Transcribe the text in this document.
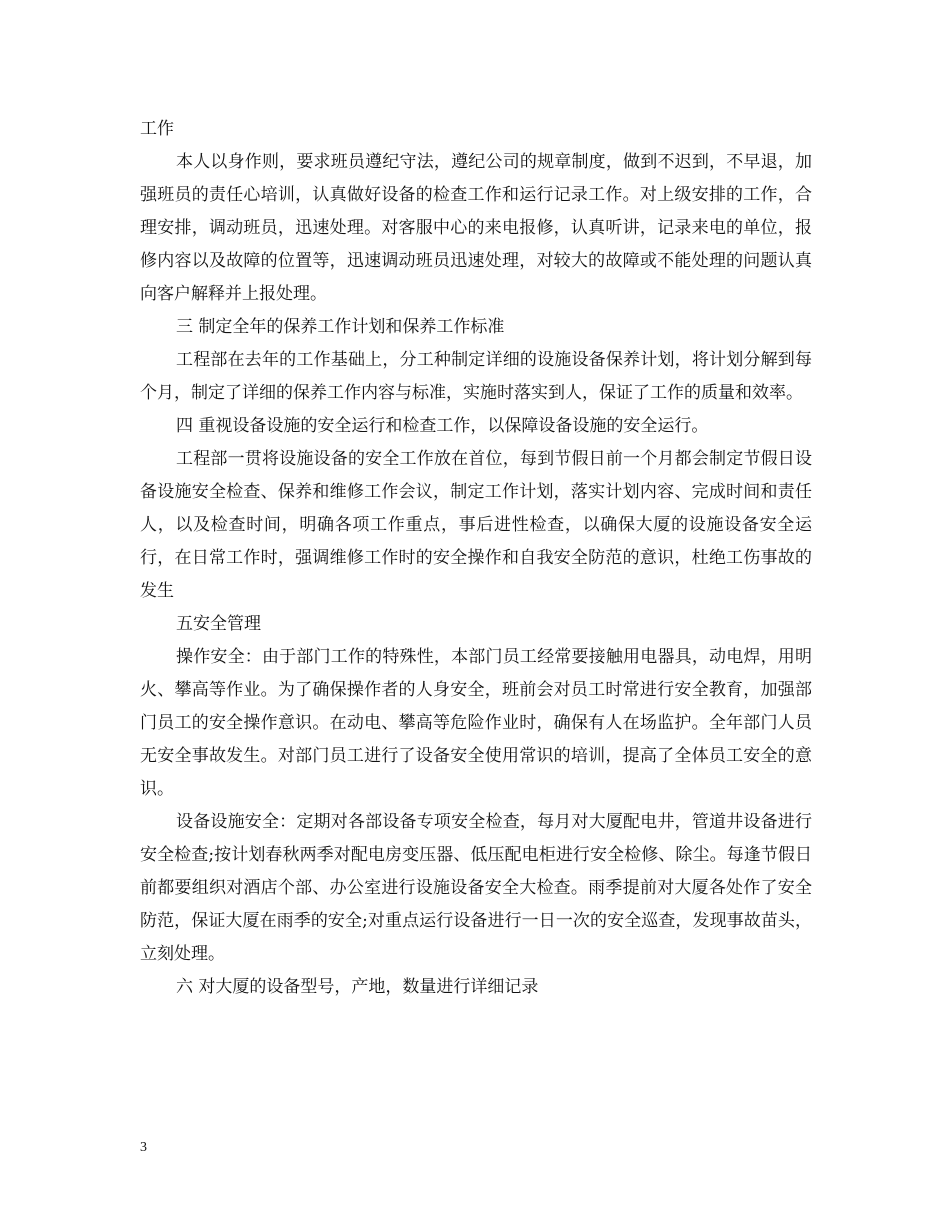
工作

本人以身作则，要求班员遵纪守法，遵纪公司的规章制度，做到不迟到，不早退，加强班员的责任心培训，认真做好设备的检查工作和运行记录工作。对上级安排的工作，合理安排，调动班员，迅速处理。对客服中心的来电报修，认真听讲，记录来电的单位，报修内容以及故障的位置等，迅速调动班员迅速处理，对较大的故障或不能处理的问题认真向客户解释并上报处理。

三 制定全年的保养工作计划和保养工作标准

工程部在去年的工作基础上，分工种制定详细的设施设备保养计划，将计划分解到每个月，制定了详细的保养工作内容与标准，实施时落实到人，保证了工作的质量和效率。

四 重视设备设施的安全运行和检查工作，以保障设备设施的安全运行。

工程部一贯将设施设备的安全工作放在首位，每到节假日前一个月都会制定节假日设备设施安全检查、保养和维修工作会议，制定工作计划，落实计划内容、完成时间和责任人，以及检查时间，明确各项工作重点，事后进性检查，以确保大厦的设施设备安全运行，在日常工作时，强调维修工作时的安全操作和自我安全防范的意识，杜绝工伤事故的发生

五安全管理

操作安全：由于部门工作的特殊性，本部门员工经常要接触用电器具，动电焊，用明火、攀高等作业。为了确保操作者的人身安全，班前会对员工时常进行安全教育，加强部门员工的安全操作意识。在动电、攀高等危险作业时，确保有人在场监护。全年部门人员无安全事故发生。对部门员工进行了设备安全使用常识的培训，提高了全体员工安全的意识。

设备设施安全：定期对各部设备专项安全检查，每月对大厦配电井，管道井设备进行安全检查;按计划春秋两季对配电房变压器、低压配电柜进行安全检修、除尘。每逢节假日前都要组织对酒店个部、办公室进行设施设备安全大检查。雨季提前对大厦各处作了安全防范，保证大厦在雨季的安全;对重点运行设备进行一日一次的安全巡查，发现事故苗头，立刻处理。

六 对大厦的设备型号，产地，数量进行详细记录

3
